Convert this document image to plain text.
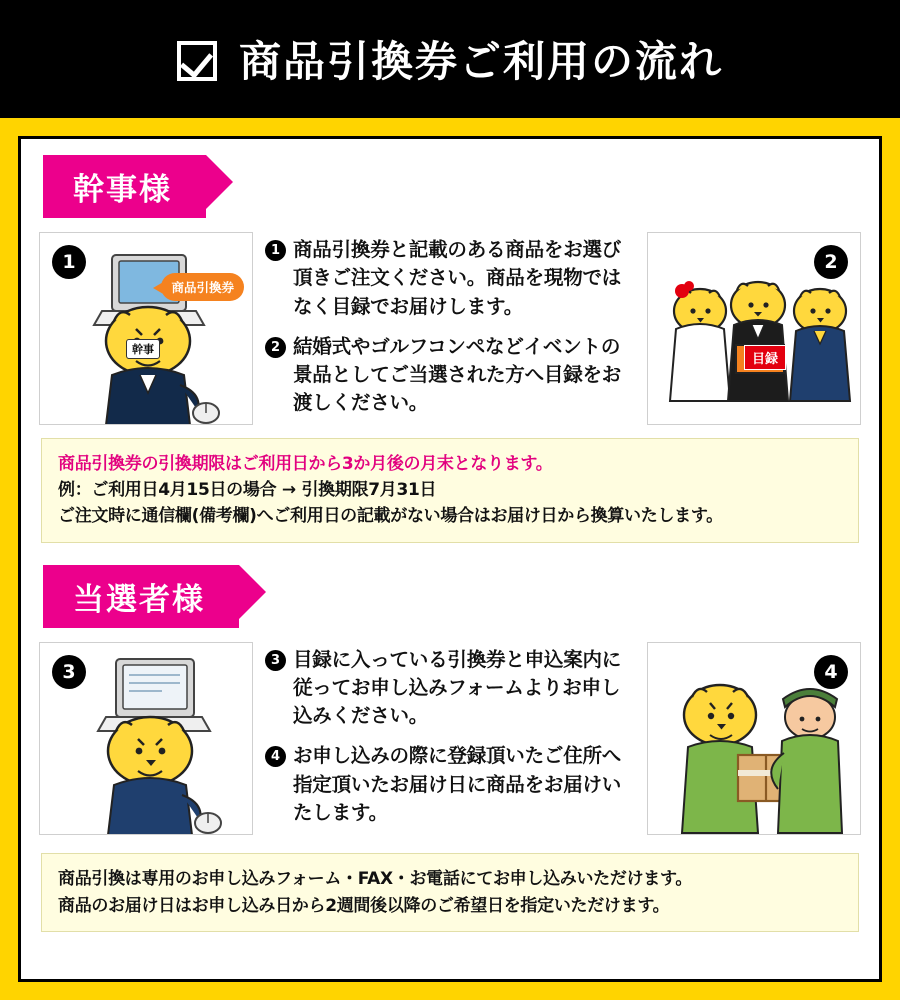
商品引換券ご利用の流れ
幹事様
1
商品引換券
幹事
1 商品引換券と記載のある商品をお選び頂きご注文ください。商品を現物ではなく目録でお届けします。
2 結婚式やゴルフコンペなどイベントの景品としてご当選された方へ目録をお渡しください。
2
目録

商品引換券の引換期限はご利用日から3か月後の月末となります。

例：ご利用日4月15日の場合 → 引換期限7月31日

ご注文時に通信欄(備考欄)へご利用日の記載がない場合はお届け日から換算いたします。

当選者様
3
3 目録に入っている引換券と申込案内に従ってお申し込みフォームよりお申し込みください。
4 お申し込みの際に登録頂いたご住所へ指定頂いたお届け日に商品をお届けいたします。
4

商品引換は専用のお申し込みフォーム・FAX・お電話にてお申し込みいただけます。

商品のお届け日はお申し込み日から2週間後以降のご希望日を指定いただけます。
